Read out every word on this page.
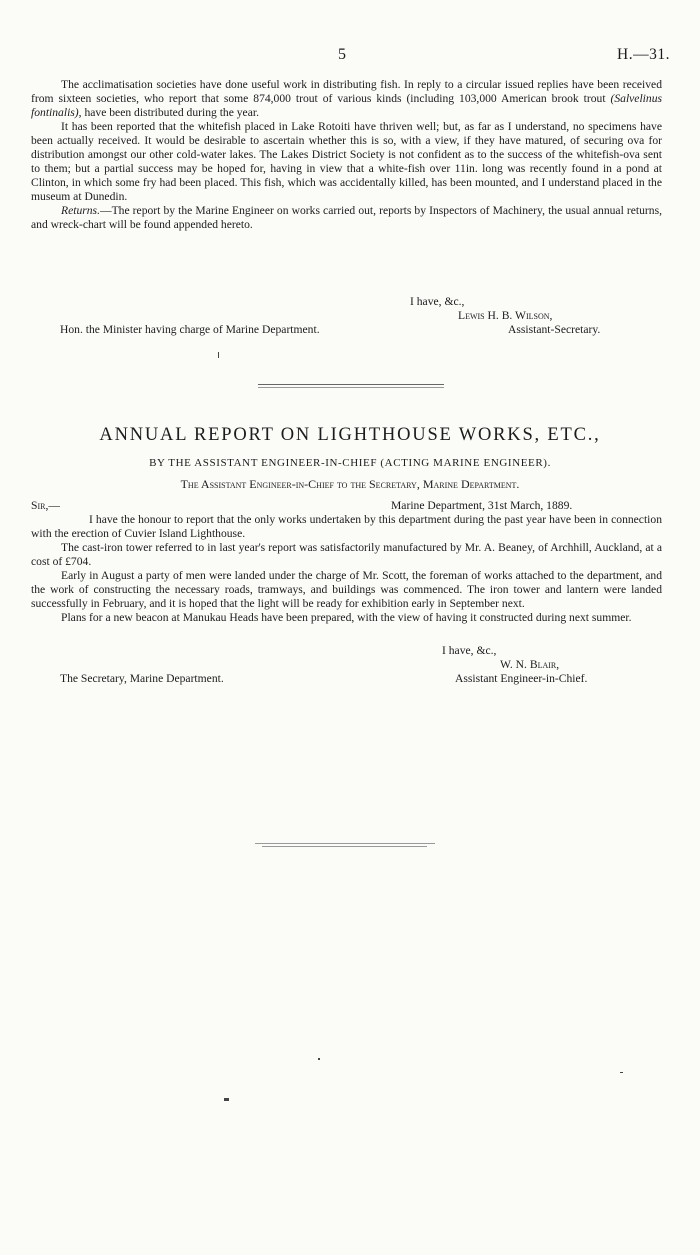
5	H.—31.

The acclimatisation societies have done useful work in distributing fish. In reply to a circular issued replies have been received from sixteen societies, who report that some 874,000 trout of various kinds (including 103,000 American brook trout (Salvelinus fontinalis), have been distributed during the year.

It has been reported that the whitefish placed in Lake Rotoiti have thriven well; but, as far as I understand, no specimens have been actually received. It would be desirable to ascertain whether this is so, with a view, if they have matured, of securing ova for distribution amongst our other cold-water lakes. The Lakes District Society is not confident as to the success of the whitefish-ova sent to them; but a partial success may be hoped for, having in view that a white-fish over 11in. long was recently found in a pond at Clinton, in which some fry had been placed. This fish, which was accidentally killed, has been mounted, and I understand placed in the museum at Dunedin.

Returns.—The report by the Marine Engineer on works carried out, reports by Inspectors of Machinery, the usual annual returns, and wreck-chart will be found appended hereto.

I have, &c.,
Lewis H. B. Wilson,
Assistant-Secretary.
Hon. the Minister having charge of Marine Department.
ANNUAL REPORT ON LIGHTHOUSE WORKS, ETC.,
BY THE ASSISTANT ENGINEER-IN-CHIEF (ACTING MARINE ENGINEER).
The Assistant Engineer-in-Chief to the Secretary, Marine Department.
Sir,—	Marine Department, 31st March, 1889.

I have the honour to report that the only works undertaken by this department during the past year have been in connection with the erection of Cuvier Island Lighthouse.

The cast-iron tower referred to in last year's report was satisfactorily manufactured by Mr. A. Beaney, of Archhill, Auckland, at a cost of £704.

Early in August a party of men were landed under the charge of Mr. Scott, the foreman of works attached to the department, and the work of constructing the necessary roads, tramways, and buildings was commenced. The iron tower and lantern were landed successfully in February, and it is hoped that the light will be ready for exhibition early in September next.

Plans for a new beacon at Manukau Heads have been prepared, with the view of having it constructed during next summer.

I have, &c.,
W. N. Blair,
Assistant Engineer-in-Chief.
The Secretary, Marine Department.
